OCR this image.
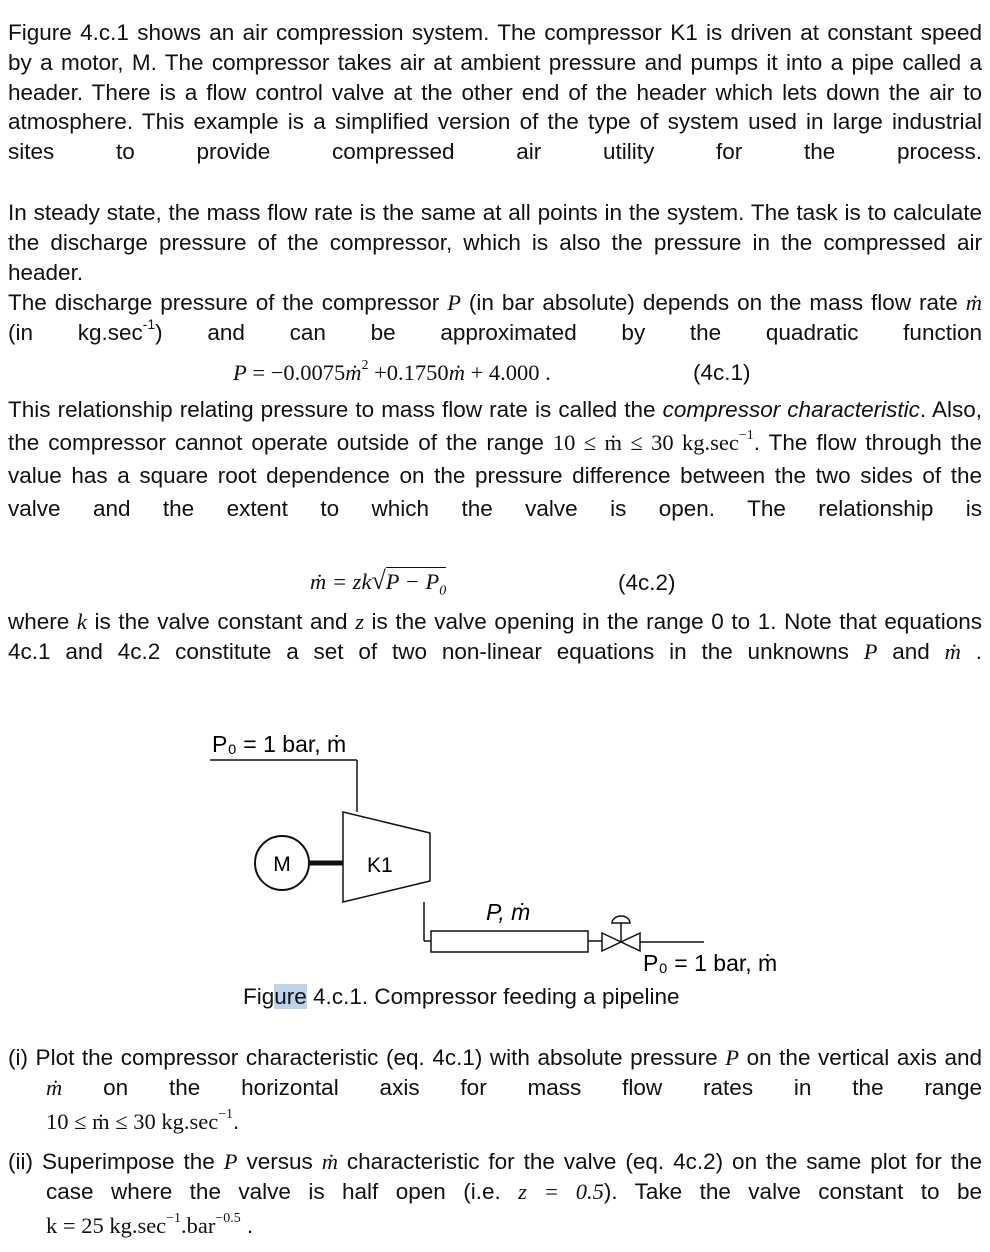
Figure 4.c.1 shows an air compression system. The compressor K1 is driven at constant speed by a motor, M. The compressor takes air at ambient pressure and pumps it into a pipe called a header. There is a flow control valve at the other end of the header which lets down the air to atmosphere. This example is a simplified version of the type of system used in large industrial sites to provide compressed air utility for the process.

In steady state, the mass flow rate is the same at all points in the system. The task is to calculate the discharge pressure of the compressor, which is also the pressure in the compressed air header.

The discharge pressure of the compressor P (in bar absolute) depends on the mass flow rate ṁ (in $kg.\sec^{-1}$) and can be approximated by the quadratic function

P = −0.0075ṁ$^2$ +0.1750ṁ + 4.000 .	(4c.1)
This relationship relating pressure to mass flow rate is called the compressor characteristic. Also, the compressor cannot operate outside of the range 10 ≤ ṁ ≤ 30 $kg.\sec^{-1}$. The flow through the value has a square root dependence on the pressure difference between the two sides of the valve and the extent to which the valve is open. The relationship is
ṁ = $zk√P - P_0$	(4c.2)

where k is the valve constant and z is the valve opening in the range 0 to 1. Note that equations 4c.1 and 4c.2 constitute a set of two non-linear equations in the unknowns P and ṁ .

P₀ = 1 bar, ṁ
K1
M
P, ṁ
P₀ = 1 bar, ṁ
Figure 4.c.1. Compressor feeding a pipeline
(i) Plot the compressor characteristic (eq. 4c.1) with absolute pressure P on the vertical axis and ṁ on the horizontal axis for mass flow rates in the range
10 ≤ ṁ ≤ 30 $kg.\sec^{-1}$.
(ii) Superimpose the P versus ṁ characteristic for the valve (eq. 4c.2) on the same plot for the case where the valve is half open (i.e. z = 0.5). Take the valve constant to be
k = 25 $kg.\sec^{-1}.bar^{-0.5}$ .
